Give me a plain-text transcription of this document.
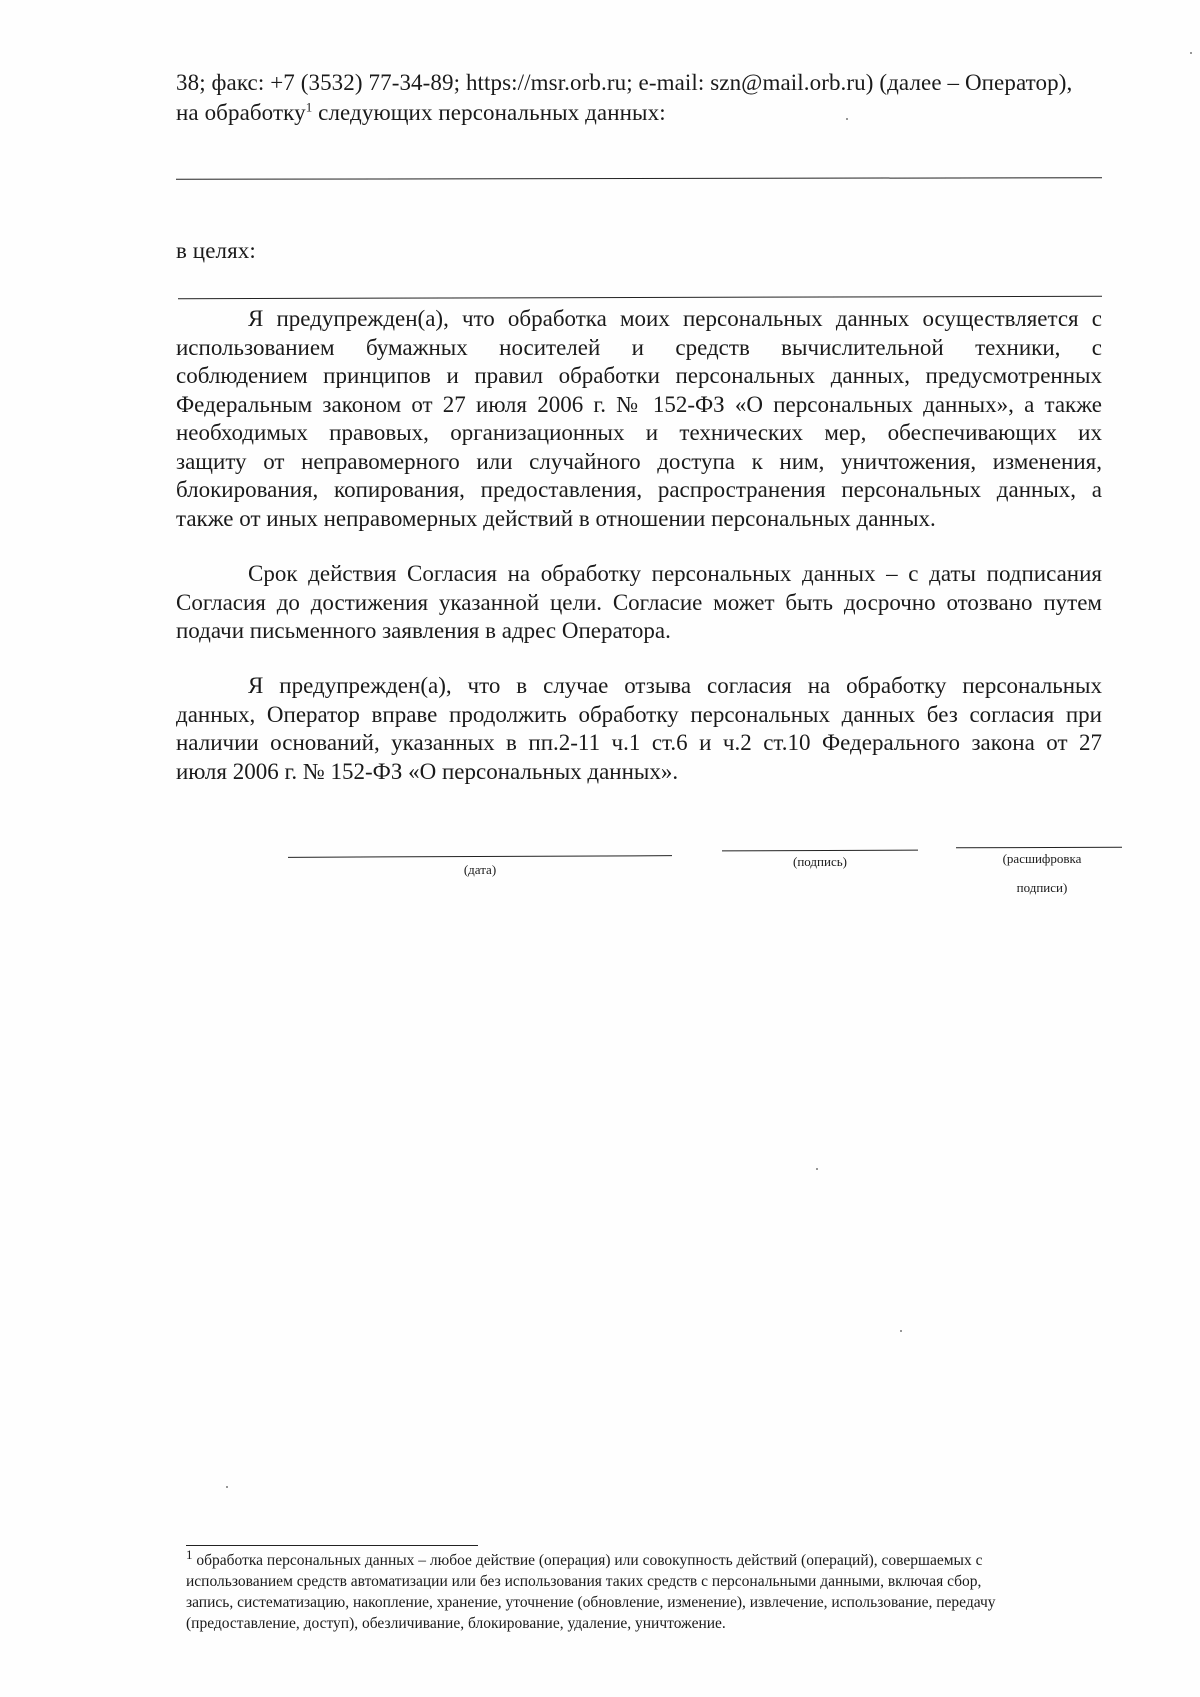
38; факс: +7 (3532) 77-34-89; https://msr.orb.ru; e-mail: szn@mail.orb.ru) (далее – Оператор),
на обработку$^1$ следующих персональных данных:
в целях:
Я предупрежден(а), что обработка моих персональных данных осуществляется с
использованием бумажных носителей и средств вычислительной техники, с
соблюдением принципов и правил обработки персональных данных, предусмотренных
Федеральным законом от 27 июля 2006 г. № 152-ФЗ «О персональных данных», а также
необходимых правовых, организационных и технических мер, обеспечивающих их
защиту от неправомерного или случайного доступа к ним, уничтожения, изменения,
блокирования, копирования, предоставления, распространения персональных данных, а
также от иных неправомерных действий в отношении персональных данных.
Срок действия Согласия на обработку персональных данных – с даты подписания
Согласия до достижения указанной цели. Согласие может быть досрочно отозвано путем
подачи письменного заявления в адрес Оператора.
Я предупрежден(а), что в случае отзыва согласия на обработку персональных
данных, Оператор вправе продолжить обработку персональных данных без согласия при
наличии оснований, указанных в пп.2-11 ч.1 ст.6 и ч.2 ст.10 Федерального закона от 27
июля 2006 г. № 152-ФЗ «О персональных данных».
(дата)
(подпись)	(расшифровка
подписи)
$^1$ обработка персональных данных – любое действие (операция) или совокупность действий (операций), совершаемых с
использованием средств автоматизации или без использования таких средств с персональными данными, включая сбор,
запись, систематизацию, накопление, хранение, уточнение (обновление, изменение), извлечение, использование, передачу
(предоставление, доступ), обезличивание, блокирование, удаление, уничтожение.
